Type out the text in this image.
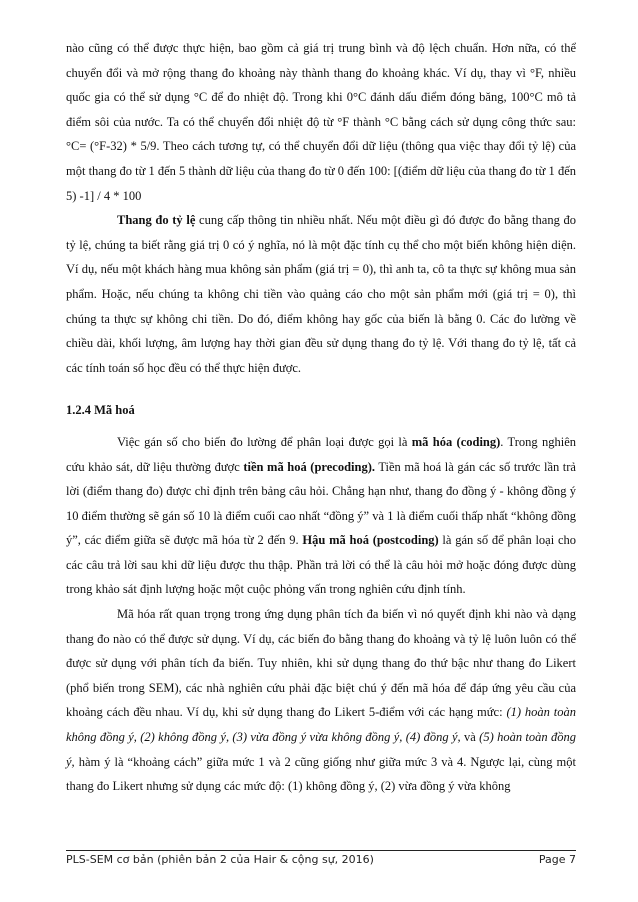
nào cũng có thể được thực hiện, bao gồm cả giá trị trung bình và độ lệch chuẩn. Hơn nữa, có thể chuyển đổi và mở rộng thang đo khoảng này thành thang đo khoảng khác. Ví dụ, thay vì °F, nhiều quốc gia có thể sử dụng °C để đo nhiệt độ. Trong khi 0°C đánh dấu điểm đóng băng, 100°C mô tả điểm sôi của nước. Ta có thể chuyển đổi nhiệt độ từ °F thành °C bằng cách sử dụng công thức sau: °C= (°F-32) * 5/9. Theo cách tương tự, có thể chuyển đổi dữ liệu (thông qua việc thay đổi tỷ lệ) của một thang đo từ 1 đến 5 thành dữ liệu của thang đo từ 0 đến 100: [(điểm dữ liệu của thang đo từ 1 đến 5) -1] / 4 * 100

Thang đo tỷ lệ cung cấp thông tin nhiều nhất. Nếu một điều gì đó được đo bằng thang đo tỷ lệ, chúng ta biết rằng giá trị 0 có ý nghĩa, nó là một đặc tính cụ thể cho một biến không hiện diện. Ví dụ, nếu một khách hàng mua không sản phẩm (giá trị = 0), thì anh ta, cô ta thực sự không mua sản phẩm. Hoặc, nếu chúng ta không chi tiền vào quảng cáo cho một sản phẩm mới (giá trị = 0), thì chúng ta thực sự không chi tiền. Do đó, điểm không hay gốc của biến là bằng 0. Các đo lường về chiều dài, khối lượng, âm lượng hay thời gian đều sử dụng thang đo tỷ lệ. Với thang đo tỷ lệ, tất cả các tính toán số học đều có thể thực hiện được.

1.2.4 Mã hoá

Việc gán số cho biến đo lường để phân loại được gọi là mã hóa (coding). Trong nghiên cứu khảo sát, dữ liệu thường được tiền mã hoá (precoding). Tiền mã hoá là gán các số trước lần trả lời (điểm thang đo) được chỉ định trên bảng câu hỏi. Chẳng hạn như, thang đo đồng ý - không đồng ý 10 điểm thường sẽ gán số 10 là điểm cuối cao nhất “đồng ý” và 1 là điểm cuối thấp nhất “không đồng ý”, các điểm giữa sẽ được mã hóa từ 2 đến 9. Hậu mã hoá (postcoding) là gán số để phân loại cho các câu trả lời sau khi dữ liệu được thu thập. Phần trả lời có thể là câu hỏi mở hoặc đóng được dùng trong khảo sát định lượng hoặc một cuộc phỏng vấn trong nghiên cứu định tính.

Mã hóa rất quan trọng trong ứng dụng phân tích đa biến vì nó quyết định khi nào và dạng thang đo nào có thể được sử dụng. Ví dụ, các biến đo bằng thang đo khoảng và tỷ lệ luôn luôn có thể được sử dụng với phân tích đa biến. Tuy nhiên, khi sử dụng thang đo thứ bậc như thang đo Likert (phổ biến trong SEM), các nhà nghiên cứu phải đặc biệt chú ý đến mã hóa để đáp ứng yêu cầu của khoảng cách đều nhau. Ví dụ, khi sử dụng thang đo Likert 5-điểm với các hạng mức: (1) hoàn toàn không đồng ý, (2) không đồng ý, (3) vừa đồng ý vừa không đồng ý, (4) đồng ý, và (5) hoàn toàn đồng ý, hàm ý là “khoảng cách” giữa mức 1 và 2 cũng giống như giữa mức 3 và 4. Ngược lại, cùng một thang đo Likert nhưng sử dụng các mức độ: (1) không đồng ý, (2) vừa đồng ý vừa không

PLS-SEM cơ bản (phiên bản 2 của Hair & cộng sự, 2016)	Page 7
